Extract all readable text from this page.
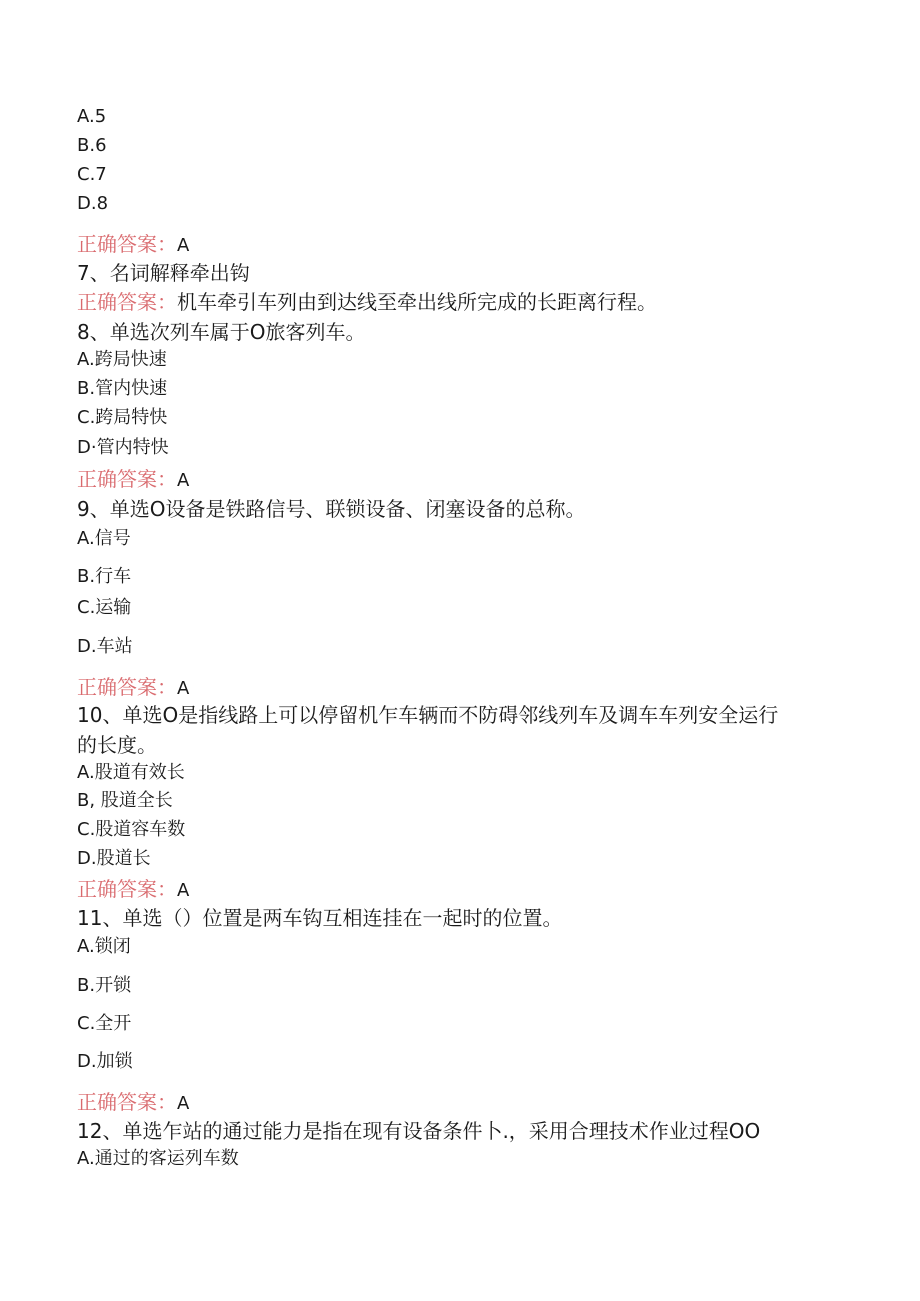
A.5
B.6
C.7
D.8
正确答案：A
7、名词解释牵出钩
正确答案：机车牵引车列由到达线至牵出线所完成的长距离行程。
8、单选次列车属于O旅客列车。
A.跨局快速
B.管内快速
C.跨局特快
D·管内特快
正确答案：A
9、单选O设备是铁路信号、联锁设备、闭塞设备的总称。
A.信号
B.行车
C.运输
D.车站
正确答案：A
10、单选O是指线路上可以停留机乍车辆而不防碍邻线列车及调车车列安全运行
的长度。
A.股道有效长
B, 股道全长
C.股道容车数
D.股道长
正确答案：A
11、单选（）位置是两车钩互相连挂在一起时的位置。
A.锁闭
B.开锁
C.全开
D.加锁
正确答案：A
12、单选乍站的通过能力是指在现有设备条件卜.，采用合理技术作业过程OO
A.通过的客运列车数
